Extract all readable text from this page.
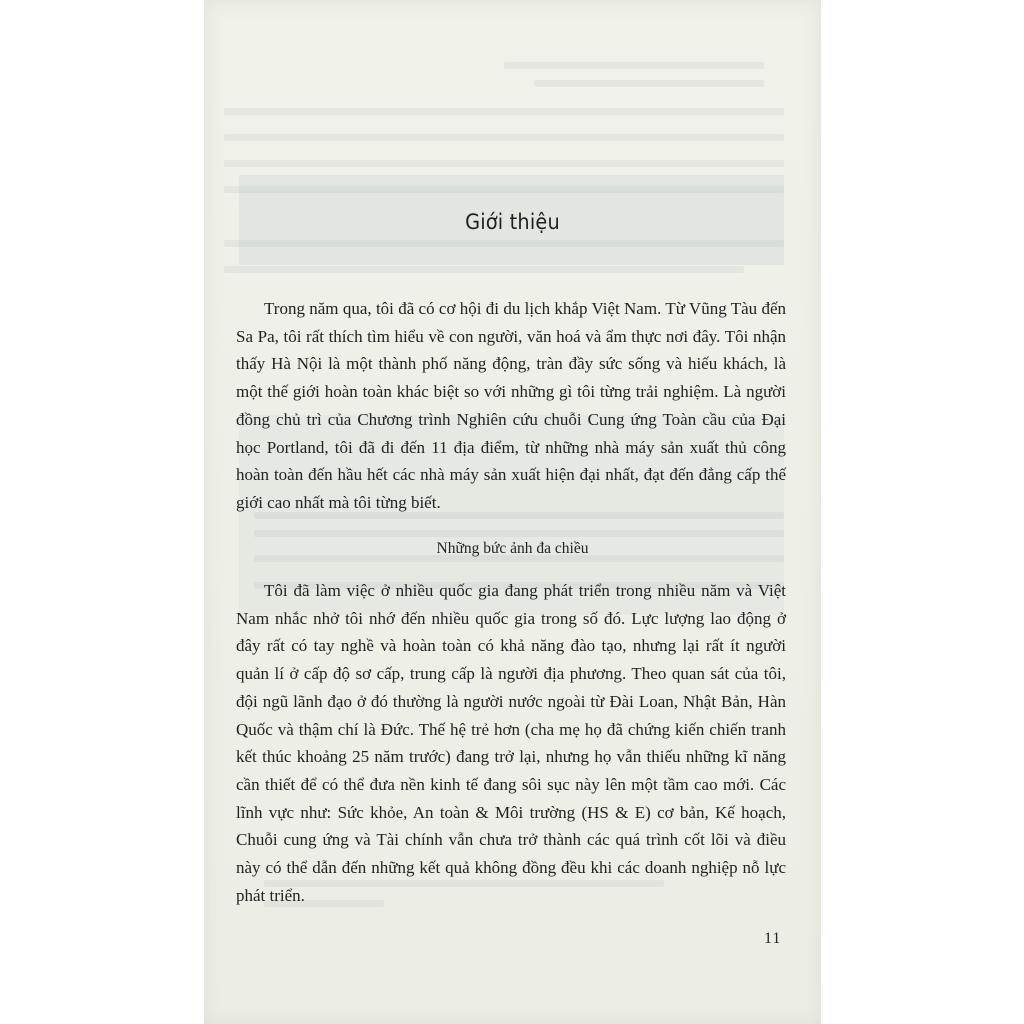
Giới thiệu

Trong năm qua, tôi đã có cơ hội đi du lịch khắp Việt Nam. Từ Vũng Tàu đến Sa Pa, tôi rất thích tìm hiểu về con người, văn hoá và ẩm thực nơi đây. Tôi nhận thấy Hà Nội là một thành phố năng động, tràn đầy sức sống và hiếu khách, là một thế giới hoàn toàn khác biệt so với những gì tôi từng trải nghiệm. Là người đồng chủ trì của Chương trình Nghiên cứu chuỗi Cung ứng Toàn cầu của Đại học Portland, tôi đã đi đến 11 địa điểm, từ những nhà máy sản xuất thủ công hoàn toàn đến hầu hết các nhà máy sản xuất hiện đại nhất, đạt đến đẳng cấp thế giới cao nhất mà tôi từng biết.

Những bức ảnh đa chiều

Tôi đã làm việc ở nhiều quốc gia đang phát triển trong nhiều năm và Việt Nam nhắc nhở tôi nhớ đến nhiều quốc gia trong số đó. Lực lượng lao động ở đây rất có tay nghề và hoàn toàn có khả năng đào tạo, nhưng lại rất ít người quản lí ở cấp độ sơ cấp, trung cấp là người địa phương. Theo quan sát của tôi, đội ngũ lãnh đạo ở đó thường là người nước ngoài từ Đài Loan, Nhật Bản, Hàn Quốc và thậm chí là Đức. Thế hệ trẻ hơn (cha mẹ họ đã chứng kiến chiến tranh kết thúc khoảng 25 năm trước) đang trở lại, nhưng họ vẫn thiếu những kĩ năng cần thiết để có thể đưa nền kinh tế đang sôi sục này lên một tầm cao mới. Các lĩnh vực như: Sức khỏe, An toàn & Môi trường (HS & E) cơ bản, Kế hoạch, Chuỗi cung ứng và Tài chính vẫn chưa trở thành các quá trình cốt lõi và điều này có thể dẫn đến những kết quả không đồng đều khi các doanh nghiệp nỗ lực phát triển.

11
